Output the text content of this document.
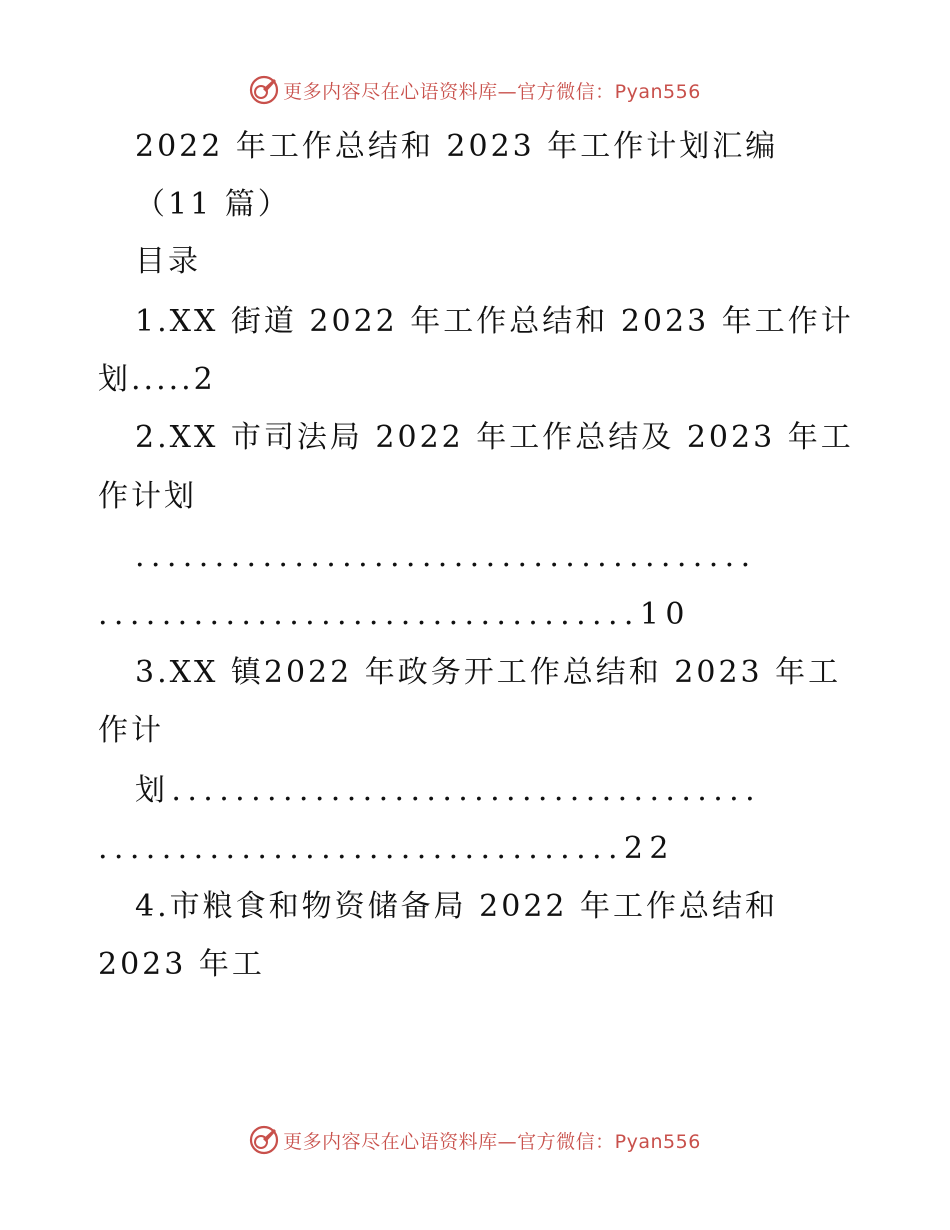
更多内容尽在心语资料库—官方微信：Pyan556
2022 年工作总结和 2023 年工作计划汇编
（11 篇）
目录
1.XX 街道 2022 年工作总结和 2023 年工作计
划.....2
2.XX 市司法局 2022 年工作总结及 2023 年工
作计划
.......................................
..................................10
3.XX 镇2022 年政务开工作总结和 2023 年工
作计
划.....................................
.................................22
4.市粮食和物资储备局 2022 年工作总结和
2023 年工
更多内容尽在心语资料库—官方微信：Pyan556
